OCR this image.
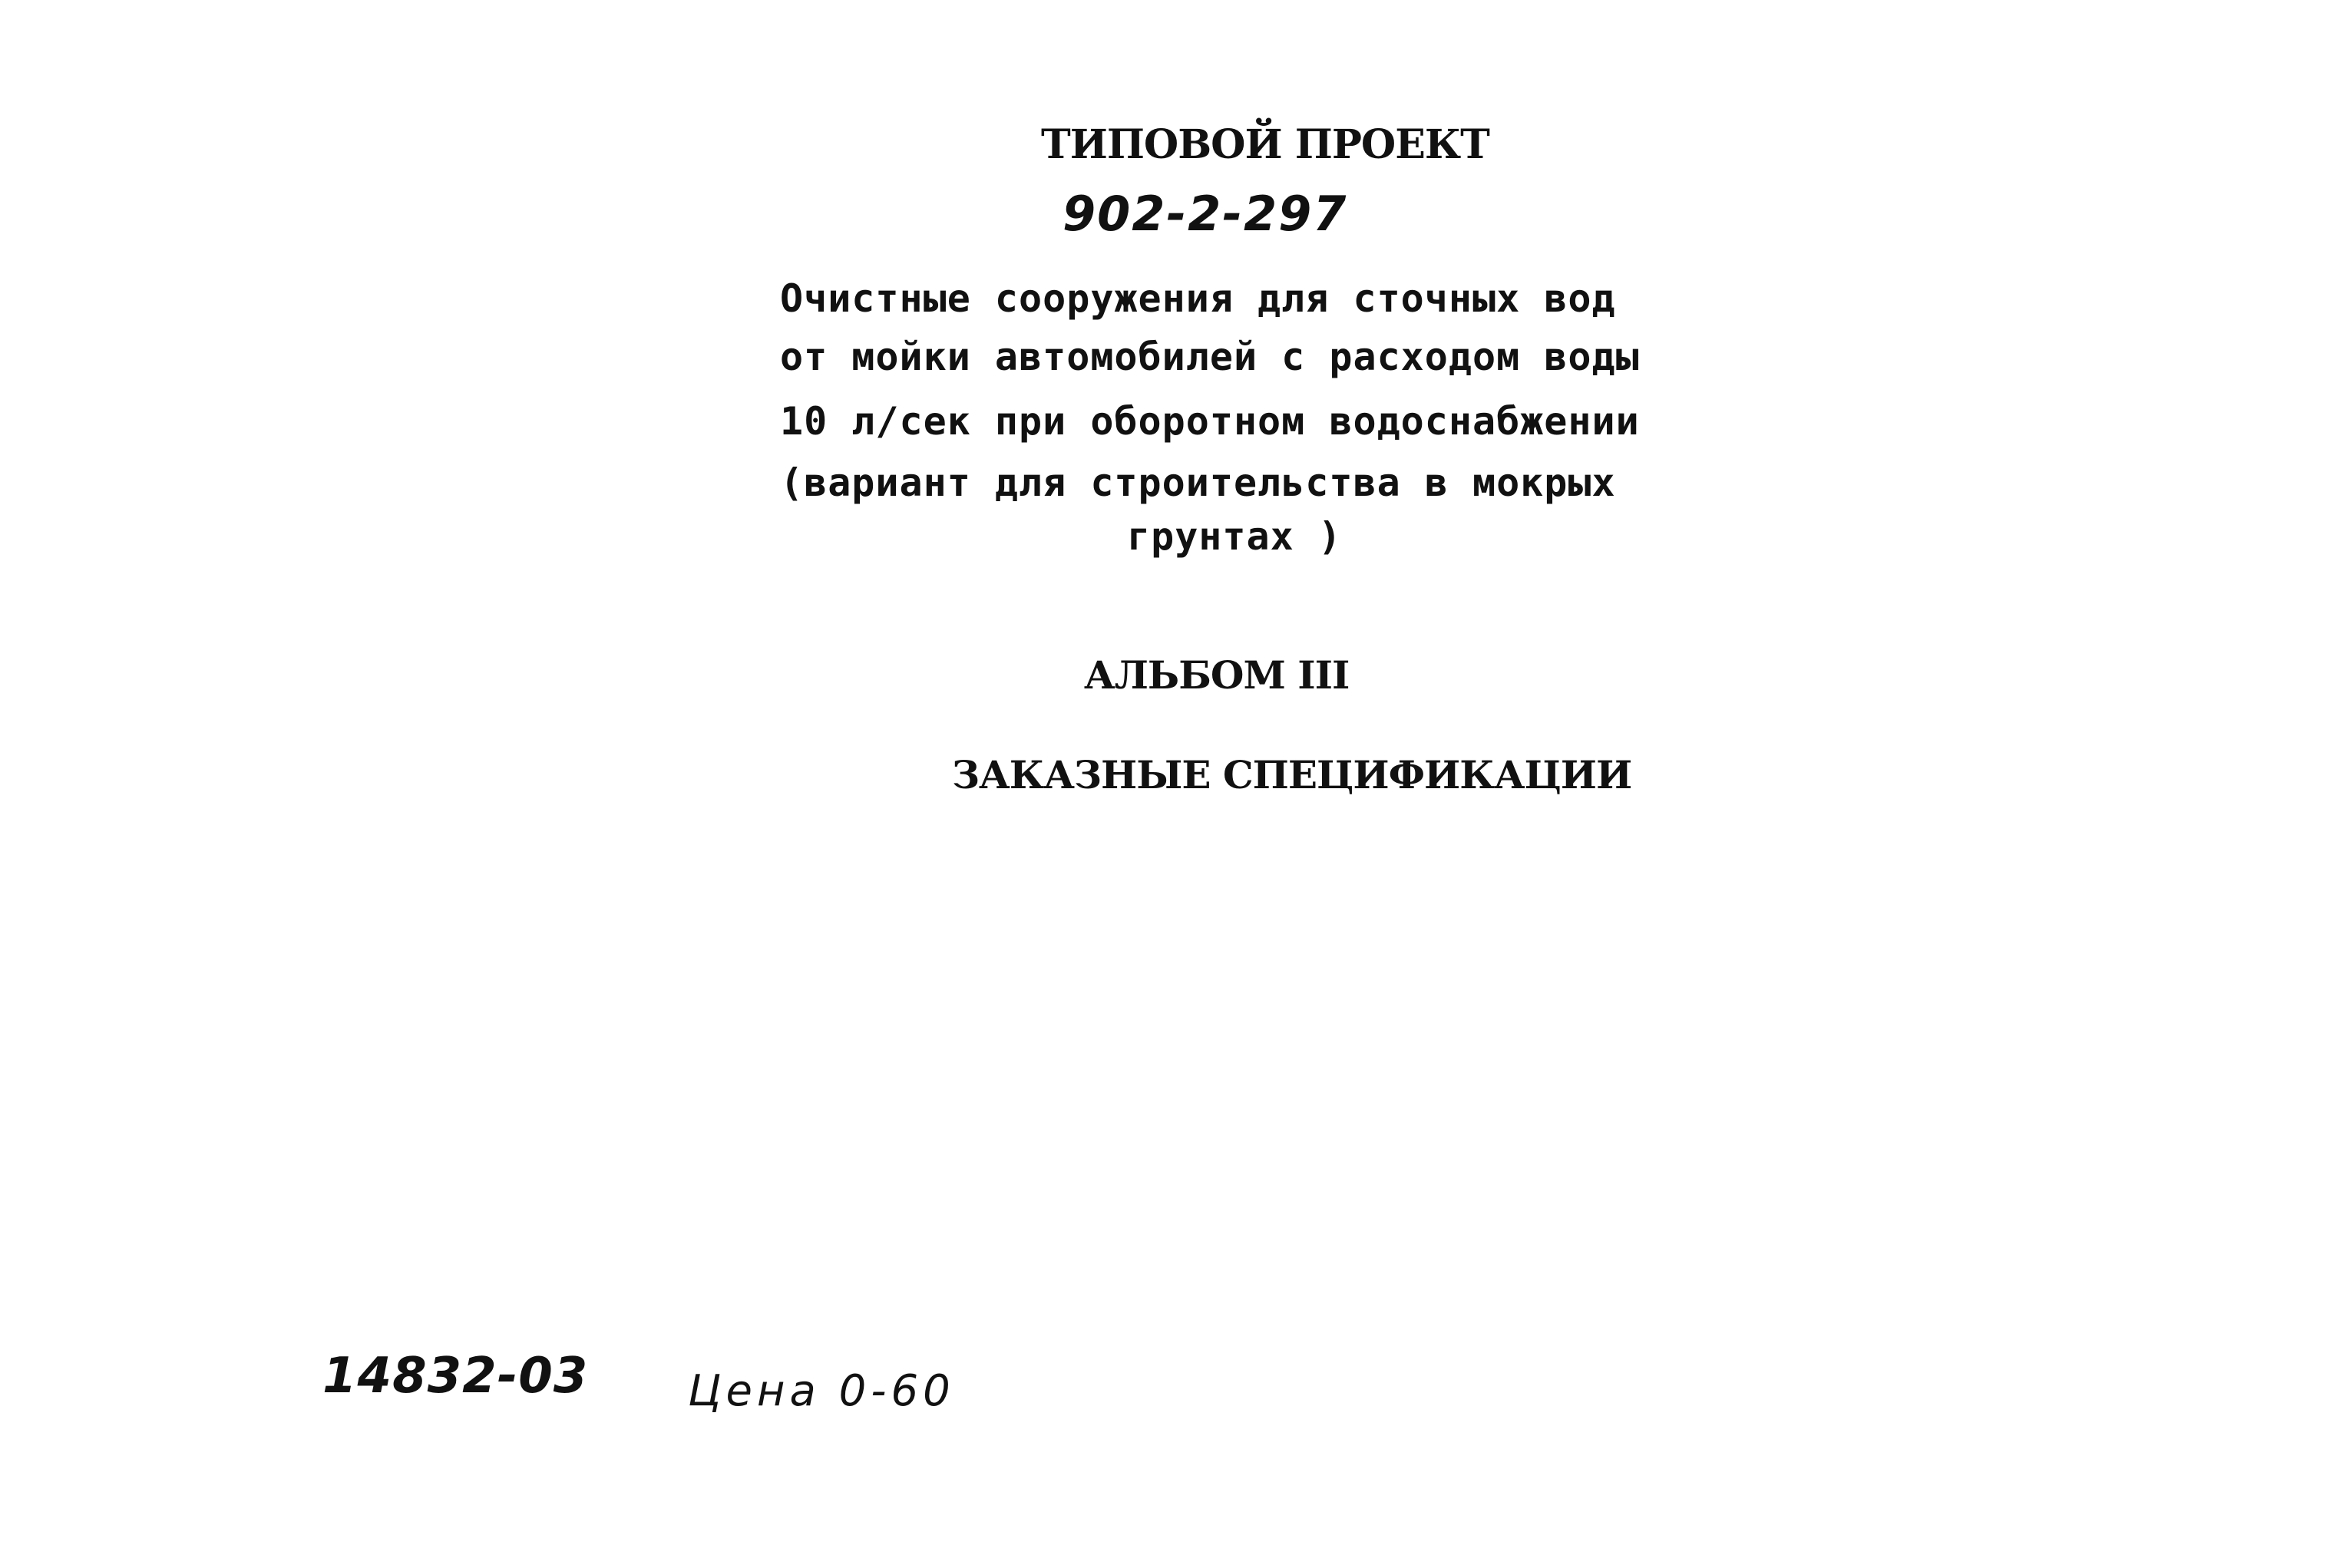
ТИПОВОЙ ПРОЕКТ
902-2-297
Очистные сооружения для сточных вод
от мойки автомобилей с расходом воды
10 л/сек при оборотном водоснабжении
(вариант для строительства в мокрых
грунтах )
АЛЬБОМ III
ЗАКАЗНЫЕ СПЕЦИФИКАЦИИ
14832-03 Цена 0-60
